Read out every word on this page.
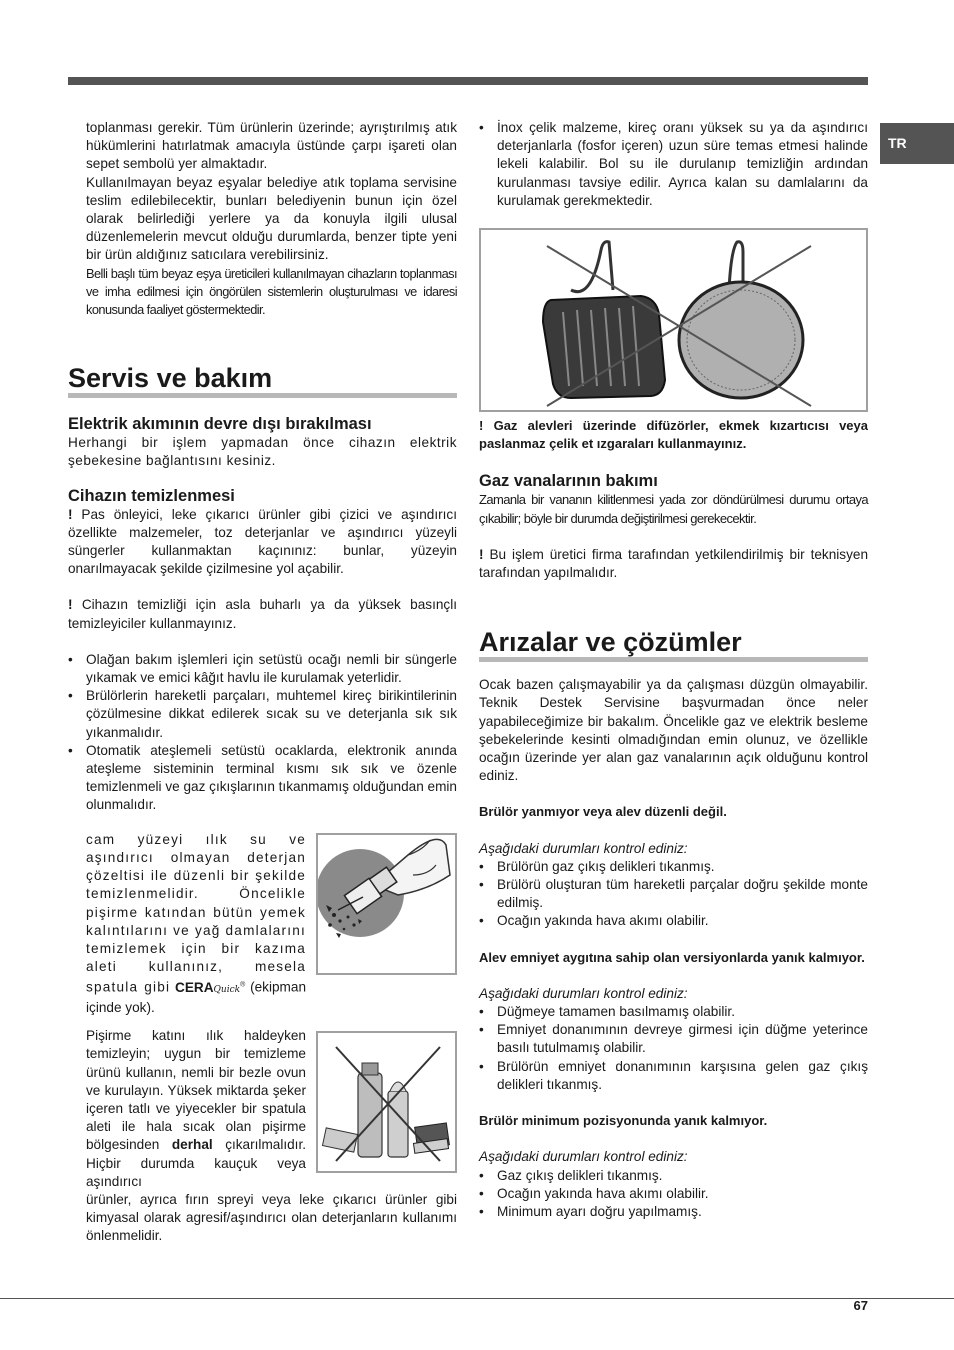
TR

toplanması gerekir. Tüm ürünlerin üzerinde; ayrıştırılmış atık hükümlerini hatırlatmak amacıyla üstünde çarpı işareti olan sepet sembolü yer almaktadır.

Kullanılmayan beyaz eşyalar belediye atık toplama servisine teslim edilebilecektir, bunları belediyenin bunun için özel olarak belirlediği yerlere ya da konuyla ilgili ulusal düzenlemelerin mevcut olduğu durumlarda, benzer tipte yeni bir ürün aldığınız satıcılara verebilirsiniz.

Belli başlı tüm beyaz eşya üreticileri kullanılmayan cihazların toplanması ve imha edilmesi için öngörülen sistemlerin oluşturulması ve idaresi konusunda faaliyet göstermektedir.

Servis ve bakım
Elektrik akımının devre dışı bırakılması

Herhangi bir işlem yapmadan önce cihazın elektrik şebekesine bağlantısını kesiniz.

Cihazın temizlenmesi

! Pas önleyici, leke çıkarıcı ürünler gibi çizici ve aşındırıcı özellikte malzemeler, toz deterjanlar ve aşındırıcı yüzeyli süngerler kullanmaktan kaçınınız: bunlar, yüzeyin onarılmayacak şekilde çizilmesine yol açabilir.

! Cihazın temizliği için asla buharlı ya da yüksek basınçlı temizleyiciler kullanmayınız.

• Olağan bakım işlemleri için setüstü ocağı nemli bir süngerle yıkamak ve emici kâğıt havlu ile kurulamak yeterlidir.
• Brülörlerin hareketli parçaları, muhtemel kireç birikintilerinin çözülmesine dikkat edilerek sıcak su ve deterjanla sık sık yıkanmalıdır.
• Otomatik ateşlemeli setüstü ocaklarda, elektronik anında ateşleme sisteminin terminal kısmı sık sık ve özenle temizlenmeli ve gaz çıkışlarının tıkanmamış olduğundan emin olunmalıdır.
cam yüzeyi ılık su ve aşındırıcı olmayan deterjan çözeltisi ile düzenli bir şekilde temizlenmelidir. Öncelikle pişirme katından bütün yemek kalıntılarını ve yağ damlalarını temizlemek için bir kazıma aleti kullanınız, mesela spatula gibi CERAQuick® (ekipman içinde yok).
Pişirme katını ılık haldeyken temizleyin; uygun bir temizleme ürünü kullanın, nemli bir bezle ovun ve kurulayın. Yüksek miktarda şeker içeren tatlı ve yiyecekler bir spatula aleti ile hala sıcak olan pişirme bölgesinden derhal çıkarılmalıdır. Hiçbir durumda kauçuk veya aşındırıcı

ürünler, ayrıca fırın spreyi veya leke çıkarıcı ürünler gibi kimyasal olarak agresif/aşındırıcı olan deterjanların kullanımı önlenmelidir.

• İnox çelik malzeme, kireç oranı yüksek su ya da aşındırıcı deterjanlarla (fosfor içeren) uzun süre temas etmesi halinde lekeli kalabilir. Bol su ile durulanıp temizliğin ardından kurulanması tavsiye edilir. Ayrıca kalan su damlalarını da kurulamak gerekmektedir.

! Gaz alevleri üzerinde difüzörler, ekmek kızartıcısı veya paslanmaz çelik et ızgaraları kullanmayınız.

Gaz vanalarının bakımı

Zamanla bir vananın kilitlenmesi yada zor döndürülmesi durumu ortaya çıkabilir; böyle bir durumda değiştirilmesi gerekecektir.

! Bu işlem üretici firma tarafından yetkilendirilmiş bir teknisyen tarafından yapılmalıdır.

Arızalar ve çözümler

Ocak bazen çalışmayabilir ya da çalışması düzgün olmayabilir. Teknik Destek Servisine başvurmadan önce neler yapabileceğimize bir bakalım. Öncelikle gaz ve elektrik besleme şebekelerinde kesinti olmadığından emin olunuz, ve özellikle ocağın üzerinde yer alan gaz vanalarının açık olduğunu kontrol ediniz.

Brülör yanmıyor veya alev düzenli değil.

Aşağıdaki durumları kontrol ediniz:

• Brülörün gaz çıkış delikleri tıkanmış.
• Brülörü oluşturan tüm hareketli parçalar doğru şekilde monte edilmiş.
• Ocağın yakında hava akımı olabilir.

Alev emniyet aygıtına sahip olan versiyonlarda yanık kalmıyor.

Aşağıdaki durumları kontrol ediniz:

• Düğmeye tamamen basılmamış olabilir.
• Emniyet donanımının devreye girmesi için düğme yeterince basılı tutulmamış olabilir.
• Brülörün emniyet donanımının karşısına gelen gaz çıkış delikleri tıkanmış.

Brülör minimum pozisyonunda yanık kalmıyor.

Aşağıdaki durumları kontrol ediniz:

• Gaz çıkış delikleri tıkanmış.
• Ocağın yakında hava akımı olabilir.
• Minimum ayarı doğru yapılmamış.
67
